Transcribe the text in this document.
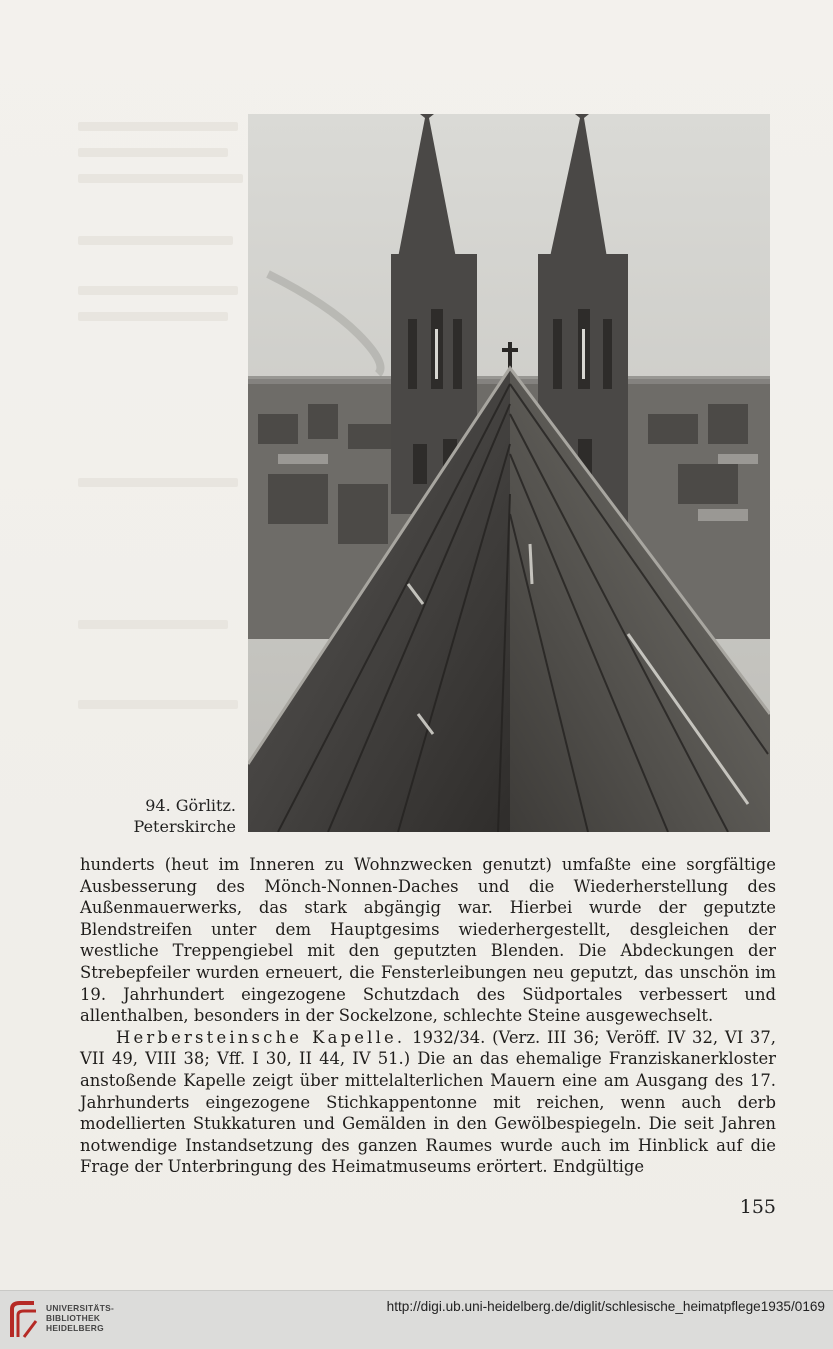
94. Görlitz.
Peterskirche

hunderts (heut im Inneren zu Wohnzwecken genutzt) umfaßte eine sorgfältige Ausbesserung des Mönch-Nonnen-Daches und die Wiederherstellung des Außenmauerwerks, das stark abgängig war. Hierbei wurde der geputzte Blendstreifen unter dem Hauptgesims wiederhergestellt, desgleichen der westliche Treppengiebel mit den geputzten Blenden. Die Abdeckungen der Strebepfeiler wurden erneuert, die Fensterleibungen neu geputzt, das unschön im 19. Jahrhundert eingezogene Schutzdach des Südportales verbessert und allenthalben, besonders in der Sockelzone, schlechte Steine ausgewechselt.

Herbersteinsche Kapelle. 1932/34. (Verz. III 36; Veröff. IV 32, VI 37, VII 49, VIII 38; Vff. I 30, II 44, IV 51.) Die an das ehemalige Franziskanerkloster anstoßende Kapelle zeigt über mittelalterlichen Mauern eine am Ausgang des 17. Jahrhunderts eingezogene Stichkappentonne mit reichen, wenn auch derb modellierten Stukkaturen und Gemälden in den Gewölbespiegeln. Die seit Jahren notwendige Instandsetzung des ganzen Raumes wurde auch im Hinblick auf die Frage der Unterbringung des Heimatmuseums erörtert. Endgültige

155
UNIVERSITÄTS-
BIBLIOTHEK
HEIDELBERG
http://digi.ub.uni-heidelberg.de/diglit/schlesische_heimatpflege1935/0169
